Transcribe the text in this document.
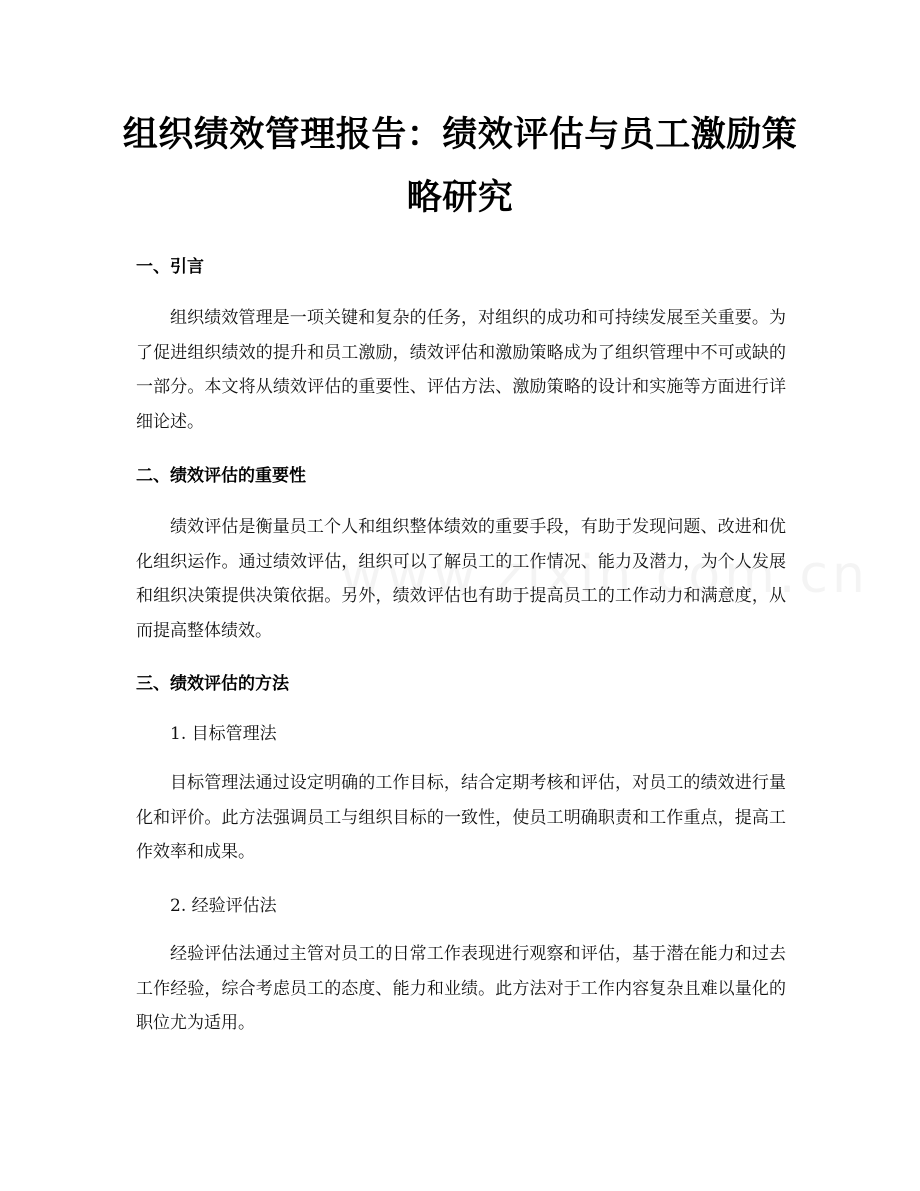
组织绩效管理报告：绩效评估与员工激励策略研究
一、引言
组织绩效管理是一项关键和复杂的任务，对组织的成功和可持续发展至关重要。为了促进组织绩效的提升和员工激励，绩效评估和激励策略成为了组织管理中不可或缺的一部分。本文将从绩效评估的重要性、评估方法、激励策略的设计和实施等方面进行详细论述。
二、绩效评估的重要性
绩效评估是衡量员工个人和组织整体绩效的重要手段，有助于发现问题、改进和优化组织运作。通过绩效评估，组织可以了解员工的工作情况、能力及潜力，为个人发展和组织决策提供决策依据。另外，绩效评估也有助于提高员工的工作动力和满意度，从而提高整体绩效。
三、绩效评估的方法
1. 目标管理法
目标管理法通过设定明确的工作目标，结合定期考核和评估，对员工的绩效进行量化和评价。此方法强调员工与组织目标的一致性，使员工明确职责和工作重点，提高工作效率和成果。
2. 经验评估法
经验评估法通过主管对员工的日常工作表现进行观察和评估，基于潜在能力和过去工作经验，综合考虑员工的态度、能力和业绩。此方法对于工作内容复杂且难以量化的职位尤为适用。
